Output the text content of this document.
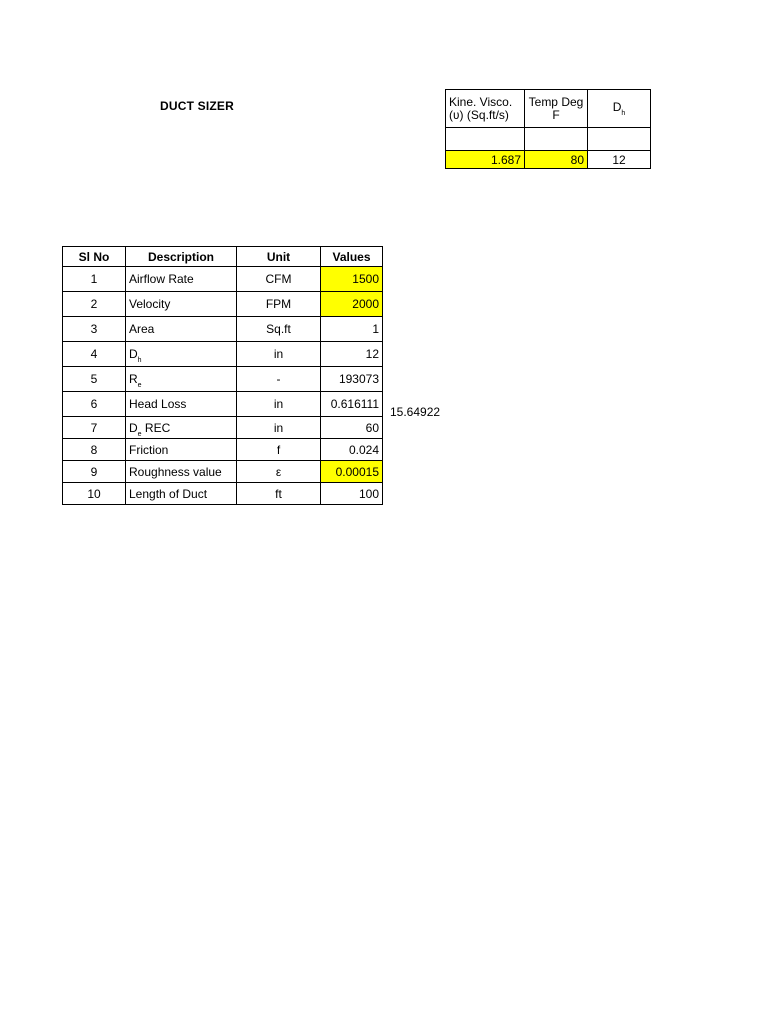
DUCT SIZER	Kine. Visco. (ʋ) (Sq.ft/s)	Temp Deg F	$D_h$

1.687	80	12
Sl No	Description	Unit	Values
1	Airflow Rate	CFM	1500
2	Velocity	FPM	2000
3	Area	Sq.ft	1
4	$D_h$	in	12
5	$R_e$	-	193073
6	Head Loss	in	0.616111
7	$D_e$ REC	in	60
8	Friction	f	0.024
9	Roughness value	ε	0.00015
10	Length of Duct	ft	100
15.64922
